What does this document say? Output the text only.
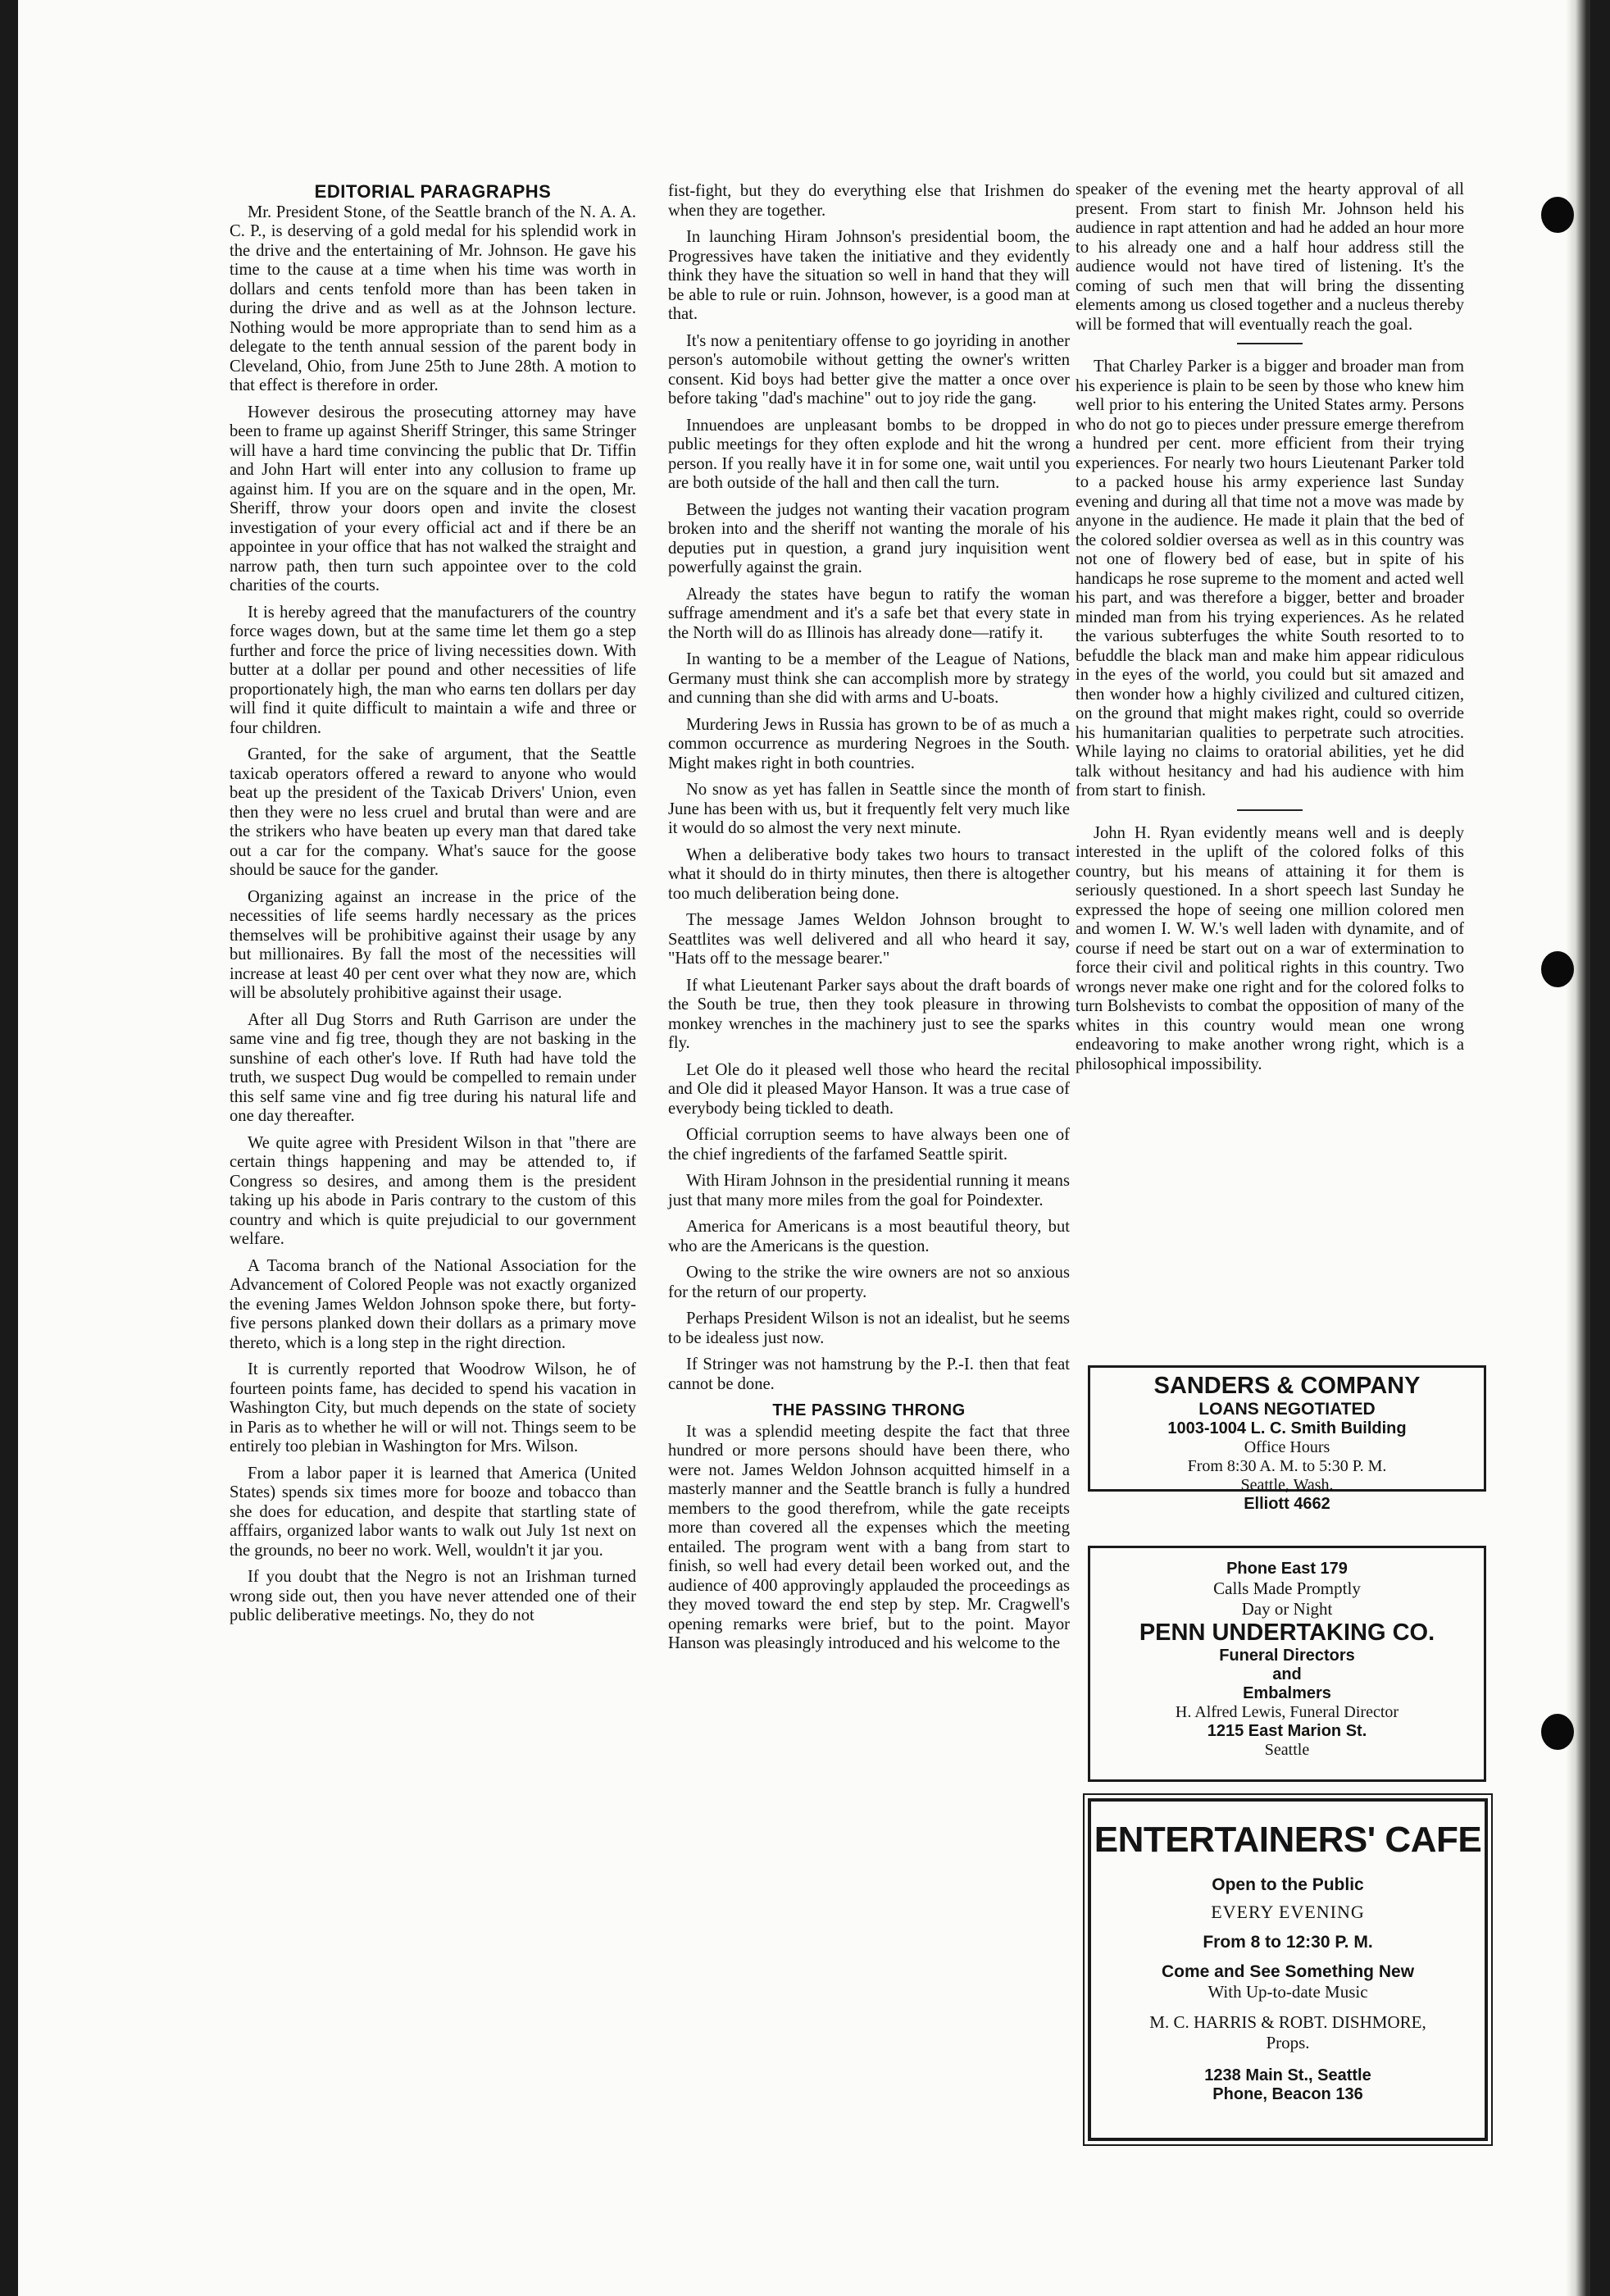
EDITORIAL PARAGRAPHS

Mr. President Stone, of the Seattle branch of the N. A. A. C. P., is deserving of a gold medal for his splendid work in the drive and the entertaining of Mr. Johnson. He gave his time to the cause at a time when his time was worth in dollars and cents tenfold more than has been taken in during the drive and as well as at the Johnson lecture. Nothing would be more appropriate than to send him as a delegate to the tenth annual session of the parent body in Cleveland, Ohio, from June 25th to June 28th. A motion to that effect is therefore in order.

However desirous the prosecuting attorney may have been to frame up against Sheriff Stringer, this same Stringer will have a hard time convincing the public that Dr. Tiffin and John Hart will enter into any collusion to frame up against him. If you are on the square and in the open, Mr. Sheriff, throw your doors open and invite the closest investigation of your every official act and if there be an appointee in your office that has not walked the straight and narrow path, then turn such appointee over to the cold charities of the courts.

It is hereby agreed that the manufacturers of the country force wages down, but at the same time let them go a step further and force the price of living necessities down. With butter at a dollar per pound and other necessities of life proportionately high, the man who earns ten dollars per day will find it quite difficult to maintain a wife and three or four children.

Granted, for the sake of argument, that the Seattle taxicab operators offered a reward to anyone who would beat up the president of the Taxicab Drivers' Union, even then they were no less cruel and brutal than were and are the strikers who have beaten up every man that dared take out a car for the company. What's sauce for the goose should be sauce for the gander.

Organizing against an increase in the price of the necessities of life seems hardly necessary as the prices themselves will be prohibitive against their usage by any but millionaires. By fall the most of the necessities will increase at least 40 per cent over what they now are, which will be absolutely prohibitive against their usage.

After all Dug Storrs and Ruth Garrison are under the same vine and fig tree, though they are not basking in the sunshine of each other's love. If Ruth had have told the truth, we suspect Dug would be compelled to remain under this self same vine and fig tree during his natural life and one day thereafter.

We quite agree with President Wilson in that "there are certain things happening and may be attended to, if Congress so desires, and among them is the president taking up his abode in Paris contrary to the custom of this country and which is quite prejudicial to our government welfare.

A Tacoma branch of the National Association for the Advancement of Colored People was not exactly organized the evening James Weldon Johnson spoke there, but forty-five persons planked down their dollars as a primary move thereto, which is a long step in the right direction.

It is currently reported that Woodrow Wilson, he of fourteen points fame, has decided to spend his vacation in Washington City, but much depends on the state of society in Paris as to whether he will or will not. Things seem to be entirely too plebian in Washington for Mrs. Wilson.

From a labor paper it is learned that America (United States) spends six times more for booze and tobacco than she does for education, and despite that startling state of afffairs, organized labor wants to walk out July 1st next on the grounds, no beer no work. Well, wouldn't it jar you.

If you doubt that the Negro is not an Irishman turned wrong side out, then you have never attended one of their public deliberative meetings. No, they do not

fist-fight, but they do everything else that Irishmen do when they are together.

In launching Hiram Johnson's presidential boom, the Progressives have taken the initiative and they evidently think they have the situation so well in hand that they will be able to rule or ruin. Johnson, however, is a good man at that.

It's now a penitentiary offense to go joyriding in another person's automobile without getting the owner's written consent. Kid boys had better give the matter a once over before taking "dad's machine" out to joy ride the gang.

Innuendoes are unpleasant bombs to be dropped in public meetings for they often explode and hit the wrong person. If you really have it in for some one, wait until you are both outside of the hall and then call the turn.

Between the judges not wanting their vacation program broken into and the sheriff not wanting the morale of his deputies put in question, a grand jury inquisition went powerfully against the grain.

Already the states have begun to ratify the woman suffrage amendment and it's a safe bet that every state in the North will do as Illinois has already done—ratify it.

In wanting to be a member of the League of Nations, Germany must think she can accomplish more by strategy and cunning than she did with arms and U-boats.

Murdering Jews in Russia has grown to be of as much a common occurrence as murdering Negroes in the South. Might makes right in both countries.

No snow as yet has fallen in Seattle since the month of June has been with us, but it frequently felt very much like it would do so almost the very next minute.

When a deliberative body takes two hours to transact what it should do in thirty minutes, then there is altogether too much deliberation being done.

The message James Weldon Johnson brought to Seattlites was well delivered and all who heard it say, "Hats off to the message bearer."

If what Lieutenant Parker says about the draft boards of the South be true, then they took pleasure in throwing monkey wrenches in the machinery just to see the sparks fly.

Let Ole do it pleased well those who heard the recital and Ole did it pleased Mayor Hanson. It was a true case of everybody being tickled to death.

Official corruption seems to have always been one of the chief ingredients of the farfamed Seattle spirit.

With Hiram Johnson in the presidential running it means just that many more miles from the goal for Poindexter.

America for Americans is a most beautiful theory, but who are the Americans is the question.

Owing to the strike the wire owners are not so anxious for the return of our property.

Perhaps President Wilson is not an idealist, but he seems to be idealess just now.

If Stringer was not hamstrung by the P.-I. then that feat cannot be done.

THE PASSING THRONG

It was a splendid meeting despite the fact that three hundred or more persons should have been there, who were not. James Weldon Johnson acquitted himself in a masterly manner and the Seattle branch is fully a hundred members to the good therefrom, while the gate receipts more than covered all the expenses which the meeting entailed. The program went with a bang from start to finish, so well had every detail been worked out, and the audience of 400 approvingly applauded the proceedings as they moved toward the end step by step. Mr. Cragwell's opening remarks were brief, but to the point. Mayor Hanson was pleasingly introduced and his welcome to the

speaker of the evening met the hearty approval of all present. From start to finish Mr. Johnson held his audience in rapt attention and had he added an hour more to his already one and a half hour address still the audience would not have tired of listening. It's the coming of such men that will bring the dissenting elements among us closed together and a nucleus thereby will be formed that will eventually reach the goal.

That Charley Parker is a bigger and broader man from his experience is plain to be seen by those who knew him well prior to his entering the United States army. Persons who do not go to pieces under pressure emerge therefrom a hundred per cent. more efficient from their trying experiences. For nearly two hours Lieutenant Parker told to a packed house his army experience last Sunday evening and during all that time not a move was made by anyone in the audience. He made it plain that the bed of the colored soldier oversea as well as in this country was not one of flowery bed of ease, but in spite of his handicaps he rose supreme to the moment and acted well his part, and was therefore a bigger, better and broader minded man from his trying experiences. As he related the various subterfuges the white South resorted to to befuddle the black man and make him appear ridiculous in the eyes of the world, you could but sit amazed and then wonder how a highly civilized and cultured citizen, on the ground that might makes right, could so override his humanitarian qualities to perpetrate such atrocities. While laying no claims to oratorial abilities, yet he did talk without hesitancy and had his audience with him from start to finish.

John H. Ryan evidently means well and is deeply interested in the uplift of the colored folks of this country, but his means of attaining it for them is seriously questioned. In a short speech last Sunday he expressed the hope of seeing one million colored men and women I. W. W.'s well laden with dynamite, and of course if need be start out on a war of extermination to force their civil and political rights in this country. Two wrongs never make one right and for the colored folks to turn Bolshevists to combat the opposition of many of the whites in this country would mean one wrong endeavoring to make another wrong right, which is a philosophical impossibility.

SANDERS & COMPANY
LOANS NEGOTIATED
1003-1004 L. C. Smith Building
Office Hours
From 8:30 A. M. to 5:30 P. M.
Seattle, Wash.
Elliott 4662
Phone East 179
Calls Made Promptly
Day or Night
PENN UNDERTAKING CO.
Funeral Directors
and
Embalmers
H. Alfred Lewis, Funeral Director
1215 East Marion St.
Seattle
ENTERTAINERS' CAFE
Open to the Public
EVERY EVENING
From 8 to 12:30 P. M.
Come and See Something New
With Up-to-date Music
M. C. HARRIS & ROBT. DISHMORE,
Props.
1238 Main St., Seattle
Phone, Beacon 136
